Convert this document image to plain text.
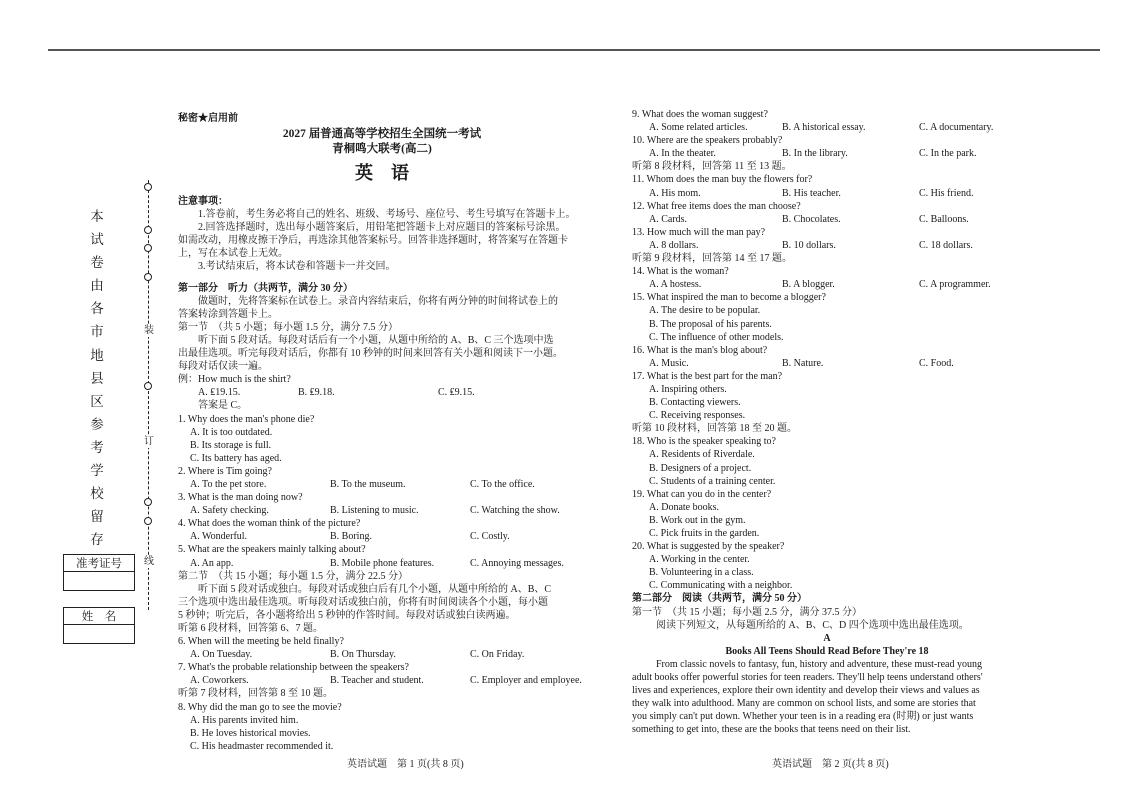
本
试
卷
由
各
市
地
县
区
参
考
学
校
留
存
装
订
线
准考证号
姓　名

秘密★启用前

2027 届普通高等学校招生全国统一考试

青桐鸣大联考(高二)

英　语

注意事项：

1.答卷前，考生务必将自己的姓名、班级、考场号、座位号、考生号填写在答题卡上。

2.回答选择题时，选出每小题答案后，用铅笔把答题卡上对应题目的答案标号涂黑。

如需改动，用橡皮擦干净后，再选涂其他答案标号。回答非选择题时，将答案写在答题卡

上，写在本试卷上无效。

3.考试结束后，将本试卷和答题卡一并交回。

第一部分　听力（共两节，满分 30 分）

做题时，先将答案标在试卷上。录音内容结束后，你将有两分钟的时间将试卷上的

答案转涂到答题卡上。

第一节　（共 5 小题；每小题 1.5 分，满分 7.5 分）

听下面 5 段对话。每段对话后有一个小题，从题中所给的 A、B、C 三个选项中选

出最佳选项。听完每段对话后，你都有 10 秒钟的时间来回答有关小题和阅读下一小题。

每段对话仅读一遍。

例：How much is the shirt?

A. ₤19.15.	B. ₤9.18.	C. ₤9.15.

答案是 C。

1. Why does the man's phone die?

A. It is too outdated.

B. Its storage is full.

C. Its battery has aged.

2. Where is Tim going?

A. To the pet store.	B. To the museum.	C. To the office.

3. What is the man doing now?

A. Safety checking.	B. Listening to music.	C. Watching the show.

4. What does the woman think of the picture?

A. Wonderful.	B. Boring.	C. Costly.

5. What are the speakers mainly talking about?

A. An app.	B. Mobile phone features.	C. Annoying messages.

第二节　（共 15 小题；每小题 1.5 分，满分 22.5 分）

听下面 5 段对话或独白。每段对话或独白后有几个小题，从题中所给的 A、B、C

三个选项中选出最佳选项。听每段对话或独白前，你将有时间阅读各个小题，每小题

5 秒钟；听完后，各小题将给出 5 秒钟的作答时间。每段对话或独白读两遍。

听第 6 段材料，回答第 6、7 题。

6. When will the meeting be held finally?

A. On Tuesday.	B. On Thursday.	C. On Friday.

7. What's the probable relationship between the speakers?

A. Coworkers.	B. Teacher and student.	C. Employer and employee.

听第 7 段材料，回答第 8 至 10 题。

8. Why did the man go to see the movie?

A. His parents invited him.

B. He loves historical movies.

C. His headmaster recommended it.

英语试题　第 1 页(共 8 页)

9. What does the woman suggest?

A. Some related articles.	B. A historical essay.	C. A documentary.

10. Where are the speakers probably?

A. In the theater.	B. In the library.	C. In the park.

听第 8 段材料，回答第 11 至 13 题。

11. Whom does the man buy the flowers for?

A. His mom.	B. His teacher.	C. His friend.

12. What free items does the man choose?

A. Cards.	B. Chocolates.	C. Balloons.

13. How much will the man pay?

A. 8 dollars.	B. 10 dollars.	C. 18 dollars.

听第 9 段材料，回答第 14 至 17 题。

14. What is the woman?

A. A hostess.	B. A blogger.	C. A programmer.

15. What inspired the man to become a blogger?

A. The desire to be popular.

B. The proposal of his parents.

C. The influence of other models.

16. What is the man's blog about?

A. Music.	B. Nature.	C. Food.

17. What is the best part for the man?

A. Inspiring others.

B. Contacting viewers.

C. Receiving responses.

听第 10 段材料，回答第 18 至 20 题。

18. Who is the speaker speaking to?

A. Residents of Riverdale.

B. Designers of a project.

C. Students of a training center.

19. What can you do in the center?

A. Donate books.

B. Work out in the gym.

C. Pick fruits in the garden.

20. What is suggested by the speaker?

A. Working in the center.

B. Volunteering in a class.

C. Communicating with a neighbor.

第二部分　阅读（共两节，满分 50 分）

第一节　（共 15 小题；每小题 2.5 分，满分 37.5 分）

阅读下列短文，从每题所给的 A、B、C、D 四个选项中选出最佳选项。

A

Books All Teens Should Read Before They're 18

From classic novels to fantasy, fun, history and adventure, these must-read young

adult books offer powerful stories for teen readers. They'll help teens understand others'

lives and experiences, explore their own identity and develop their views and values as

they walk into adulthood. Many are common on school lists, and some are stories that

you simply can't put down. Whether your teen is in a reading era (时期) or just wants

something to get into, these are the books that teens need on their list.

英语试题　第 2 页(共 8 页)
